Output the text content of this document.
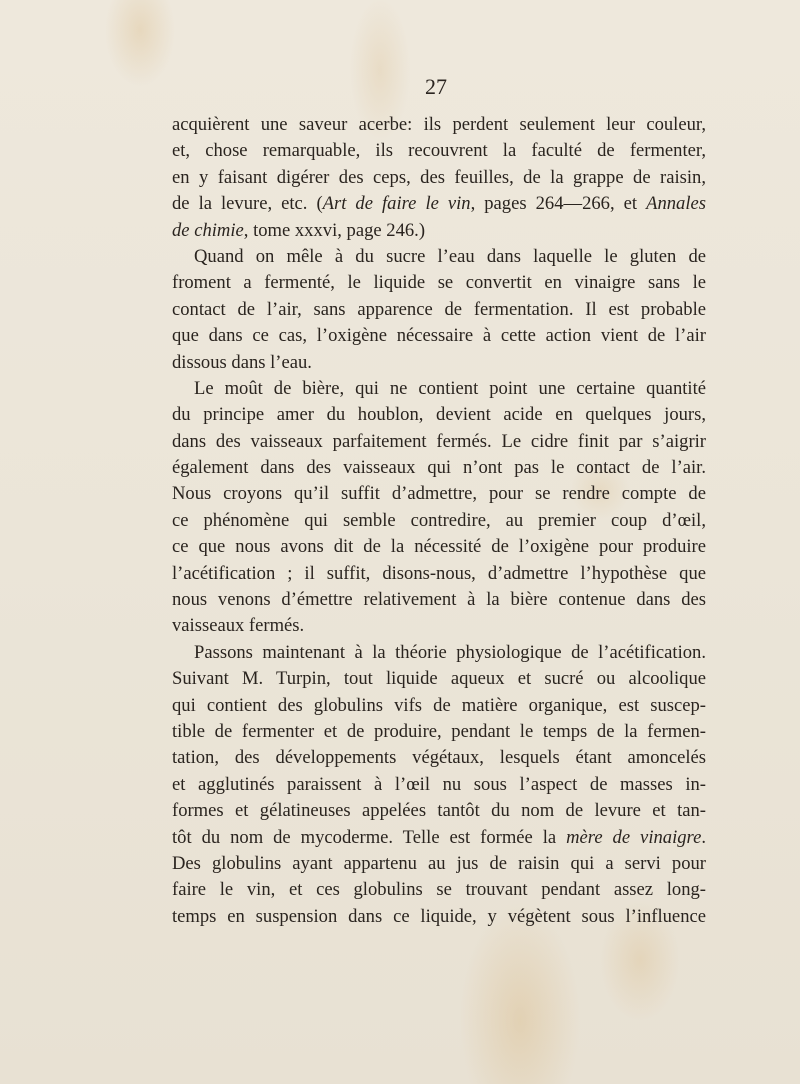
27
acquièrent une saveur acerbe: ils perdent seulement leur couleur,
et, chose remarquable, ils recouvrent la faculté de fermenter,
en y faisant digérer des ceps, des feuilles, de la grappe de raisin,
de la levure, etc. (Art de faire le vin, pages 264—266, et Annales
de chimie, tome xxxvi, page 246.)
Quand on mêle à du sucre l’eau dans laquelle le gluten de
froment a fermenté, le liquide se convertit en vinaigre sans le
contact de l’air, sans apparence de fermentation. Il est probable
que dans ce cas, l’oxigène nécessaire à cette action vient de l’air
dissous dans l’eau.
Le moût de bière, qui ne contient point une certaine quantité
du principe amer du houblon, devient acide en quelques jours,
dans des vaisseaux parfaitement fermés. Le cidre finit par s’aigrir
également dans des vaisseaux qui n’ont pas le contact de l’air.
Nous croyons qu’il suffit d’admettre, pour se rendre compte de
ce phénomène qui semble contredire, au premier coup d’œil,
ce que nous avons dit de la nécessité de l’oxigène pour produire
l’acétification ; il suffit, disons-nous, d’admettre l’hypothèse que
nous venons d’émettre relativement à la bière contenue dans des
vaisseaux fermés.
Passons maintenant à la théorie physiologique de l’acétification.
Suivant M. Turpin, tout liquide aqueux et sucré ou alcoolique
qui contient des globulins vifs de matière organique, est suscep-
tible de fermenter et de produire, pendant le temps de la fermen-
tation, des développements végétaux, lesquels étant amoncelés
et agglutinés paraissent à l’œil nu sous l’aspect de masses in-
formes et gélatineuses appelées tantôt du nom de levure et tan-
tôt du nom de mycoderme. Telle est formée la mère de vinaigre.
Des globulins ayant appartenu au jus de raisin qui a servi pour
faire le vin, et ces globulins se trouvant pendant assez long-
temps en suspension dans ce liquide, y végètent sous l’influence
